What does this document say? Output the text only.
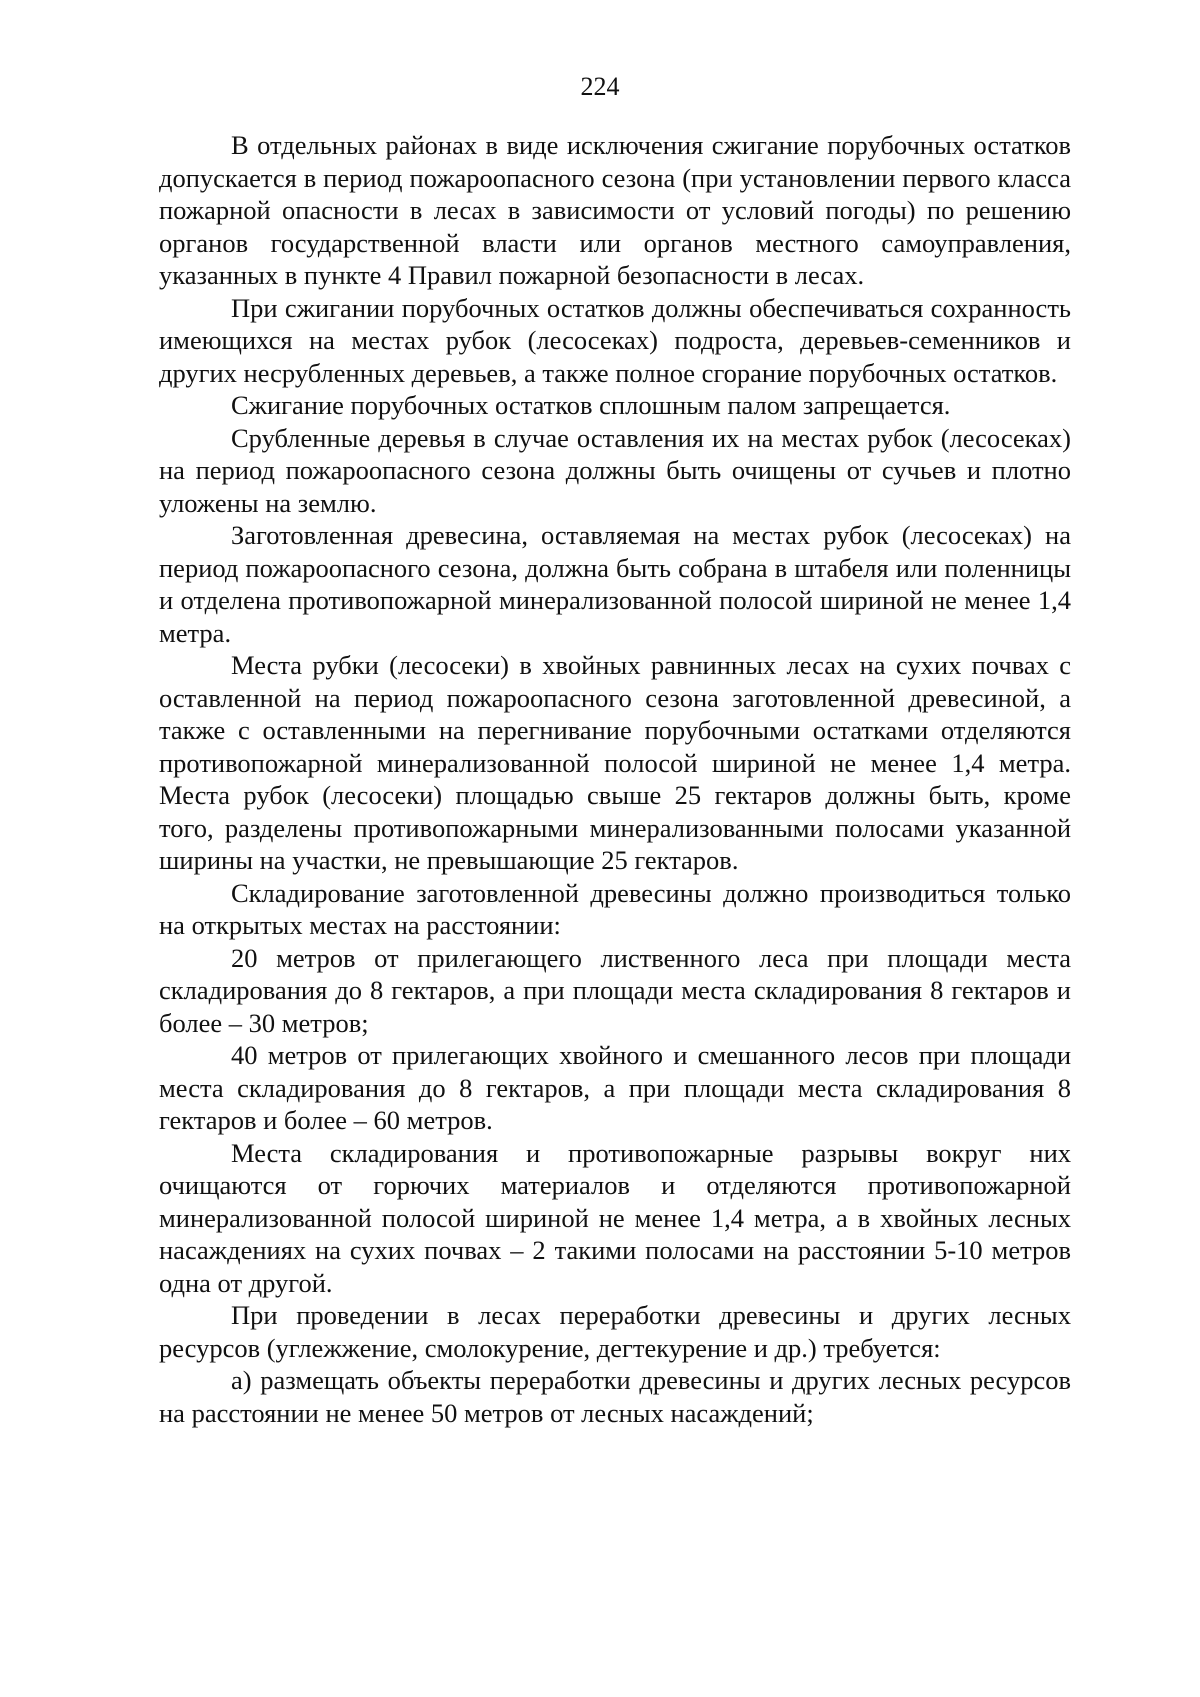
224

В отдельных районах в виде исключения сжигание порубочных остатков допускается в период пожароопасного сезона (при установлении первого класса пожарной опасности в лесах в зависимости от условий погоды) по решению органов государственной власти или органов местного самоуправления, указанных в пункте 4 Правил пожарной безопасности в лесах.

При сжигании порубочных остатков должны обеспечиваться сохранность имеющихся на местах рубок (лесосеках) подроста, деревьев-семенников и других несрубленных деревьев, а также полное сгорание порубочных остатков.

Сжигание порубочных остатков сплошным палом запрещается.

Срубленные деревья в случае оставления их на местах рубок (лесосеках) на период пожароопасного сезона должны быть очищены от сучьев и плотно уложены на землю.

Заготовленная древесина, оставляемая на местах рубок (лесосеках) на период пожароопасного сезона, должна быть собрана в штабеля или поленницы и отделена противопожарной минерализованной полосой шириной не менее 1,4 метра.

Места рубки (лесосеки) в хвойных равнинных лесах на сухих почвах с оставленной на период пожароопасного сезона заготовленной древесиной, а также с оставленными на перегнивание порубочными остатками отделяются противопожарной минерализованной полосой шириной не менее 1,4 метра. Места рубок (лесосеки) площадью свыше 25 гектаров должны быть, кроме того, разделены противопожарными минерализованными полосами указанной ширины на участки, не превышающие 25 гектаров.

Складирование заготовленной древесины должно производиться только на открытых местах на расстоянии:

20 метров от прилегающего лиственного леса при площади места складирования до 8 гектаров, а при площади места складирования 8 гектаров и более – 30 метров;

40 метров от прилегающих хвойного и смешанного лесов при площади места складирования до 8 гектаров, а при площади места складирования 8 гектаров и более – 60 метров.

Места складирования и противопожарные разрывы вокруг них очищаются от горючих материалов и отделяются противопожарной минерализованной полосой шириной не менее 1,4 метра, а в хвойных лесных насаждениях на сухих почвах – 2 такими полосами на расстоянии 5-10 метров одна от другой.

При проведении в лесах переработки древесины и других лесных ресурсов (углежжение, смолокурение, дегтекурение и др.) требуется:

а) размещать объекты переработки древесины и других лесных ресурсов на расстоянии не менее 50 метров от лесных насаждений;
